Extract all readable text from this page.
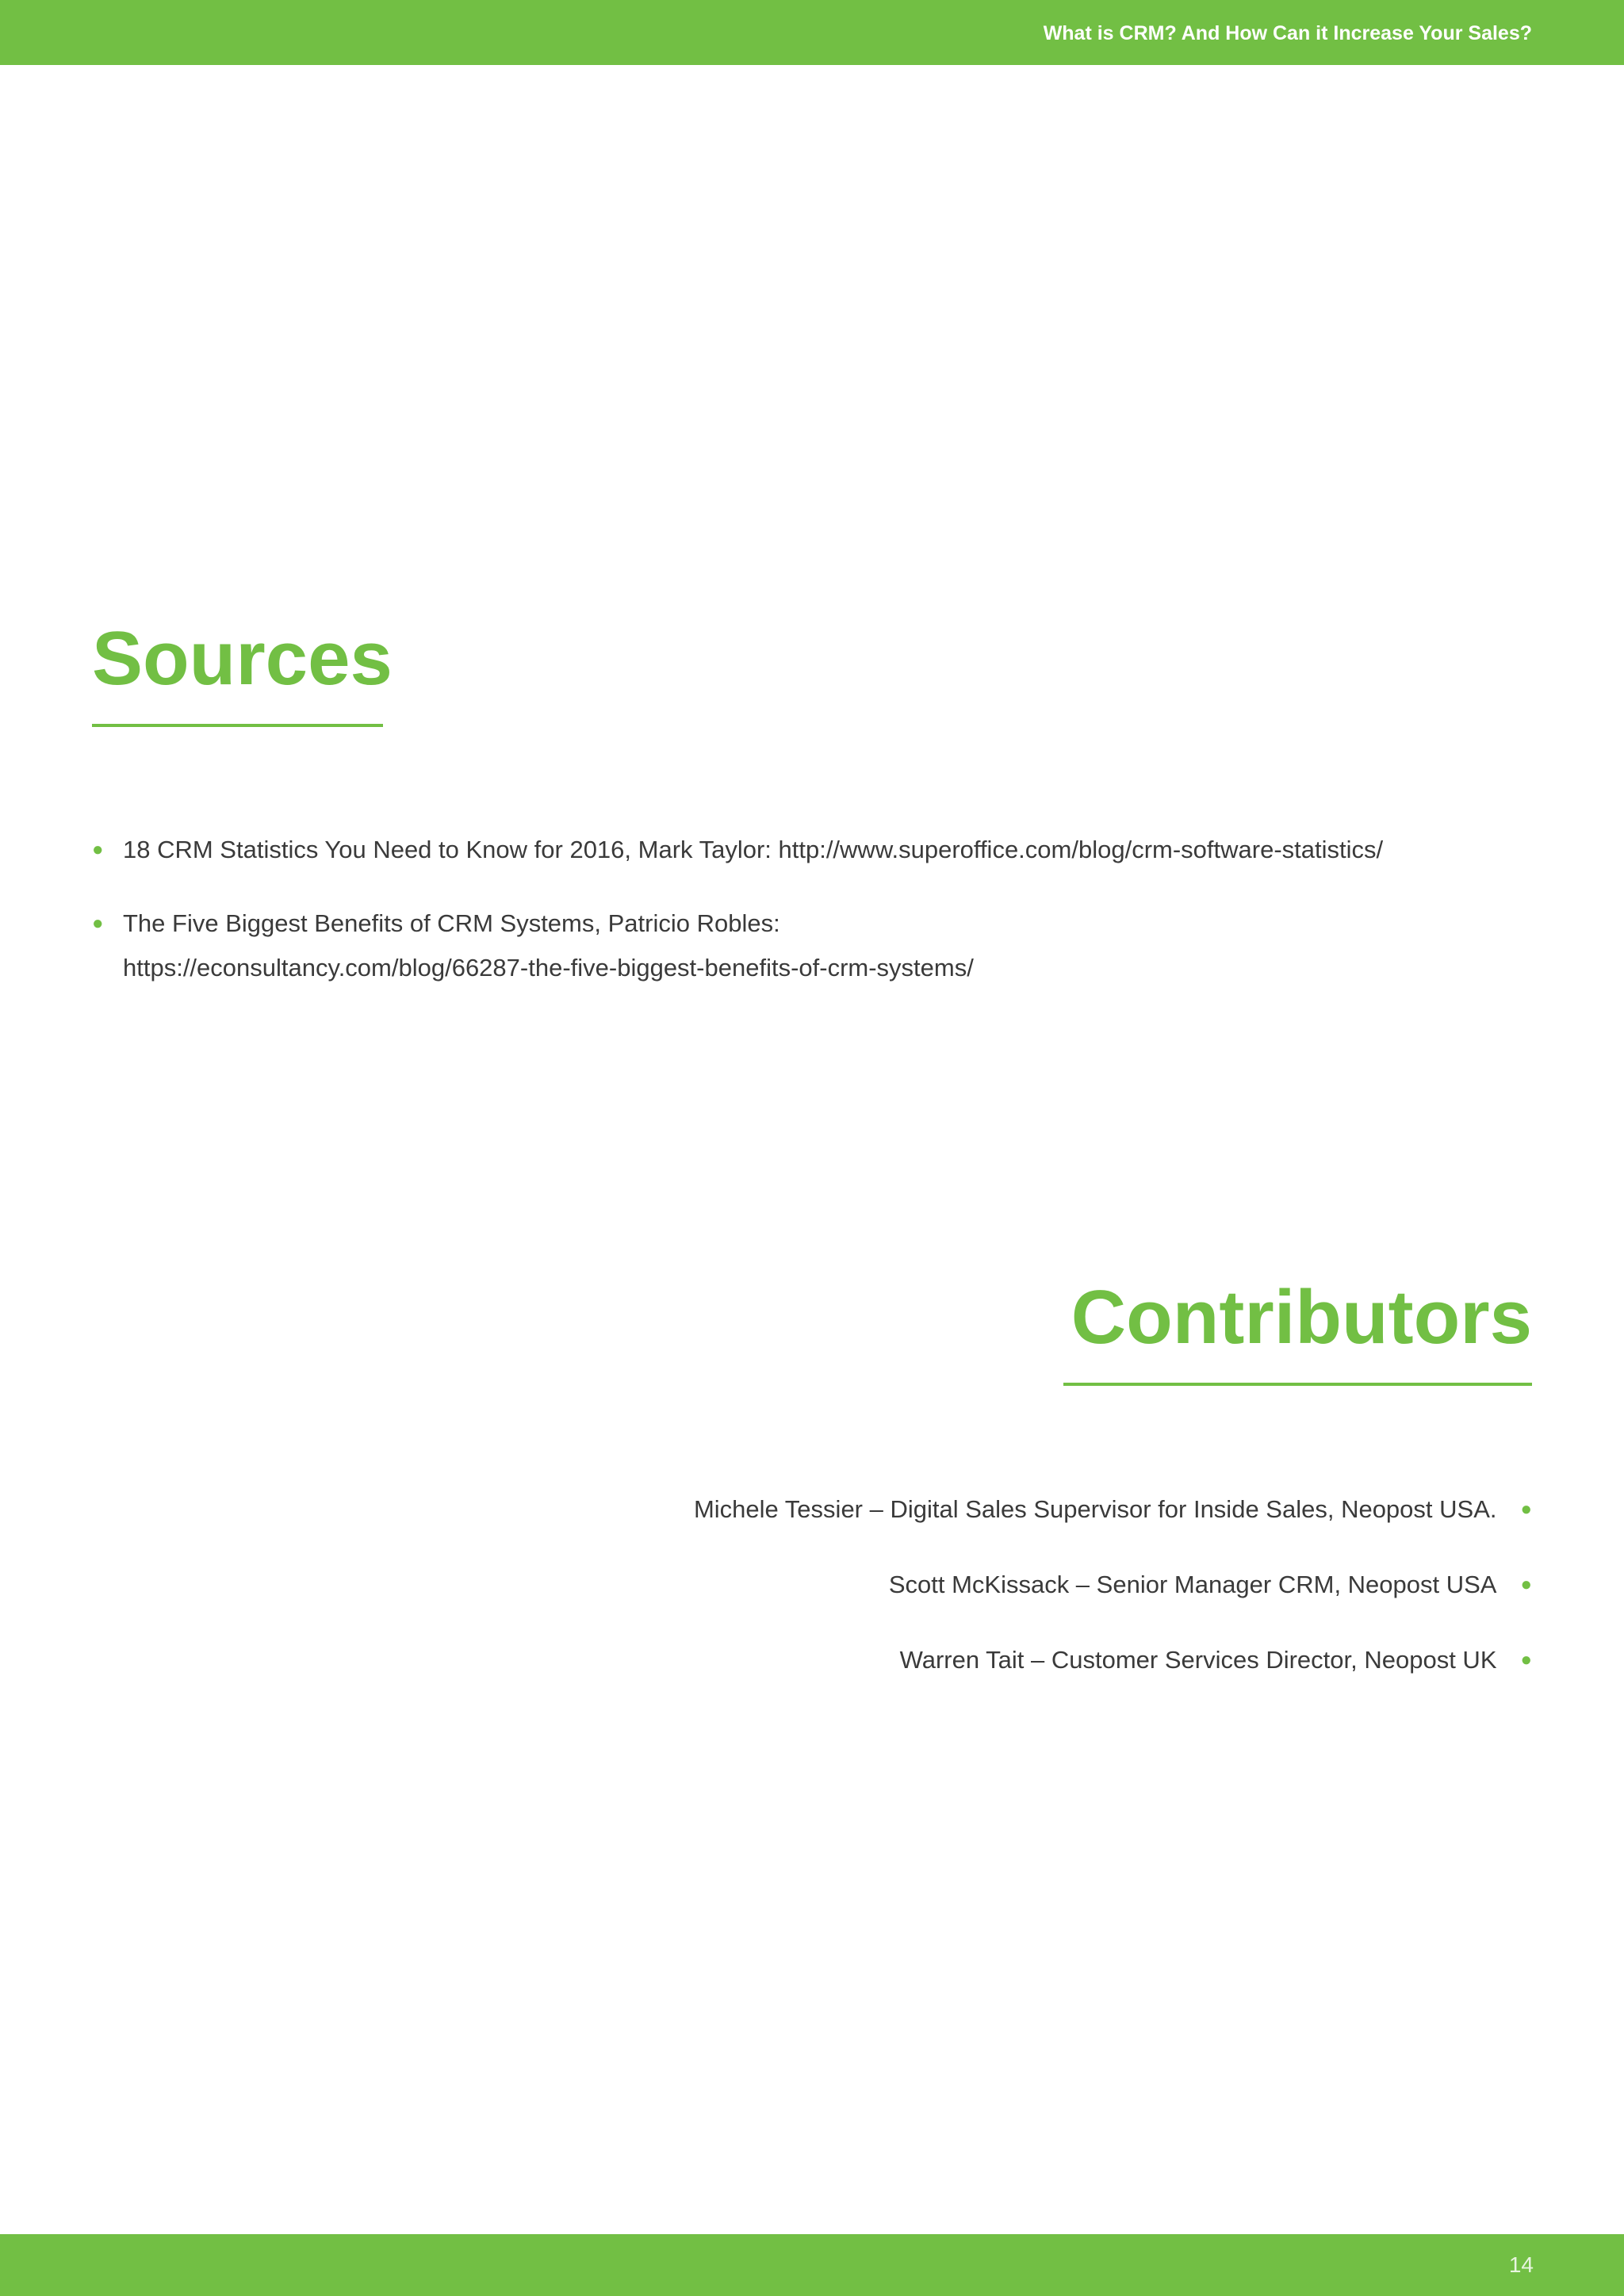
What is CRM? And How Can it Increase Your Sales?
Sources
● 18 CRM Statistics You Need to Know for 2016, Mark Taylor: http://www.superoffice.com/blog/crm-software-statistics/
● The Five Biggest Benefits of CRM Systems, Patricio Robles:
https://econsultancy.com/blog/66287-the-five-biggest-benefits-of-crm-systems/
Contributors
Michele Tessier – Digital Sales Supervisor for Inside Sales, Neopost USA. ●
Scott McKissack – Senior Manager CRM, Neopost USA ●
Warren Tait – Customer Services Director, Neopost UK ●
14
